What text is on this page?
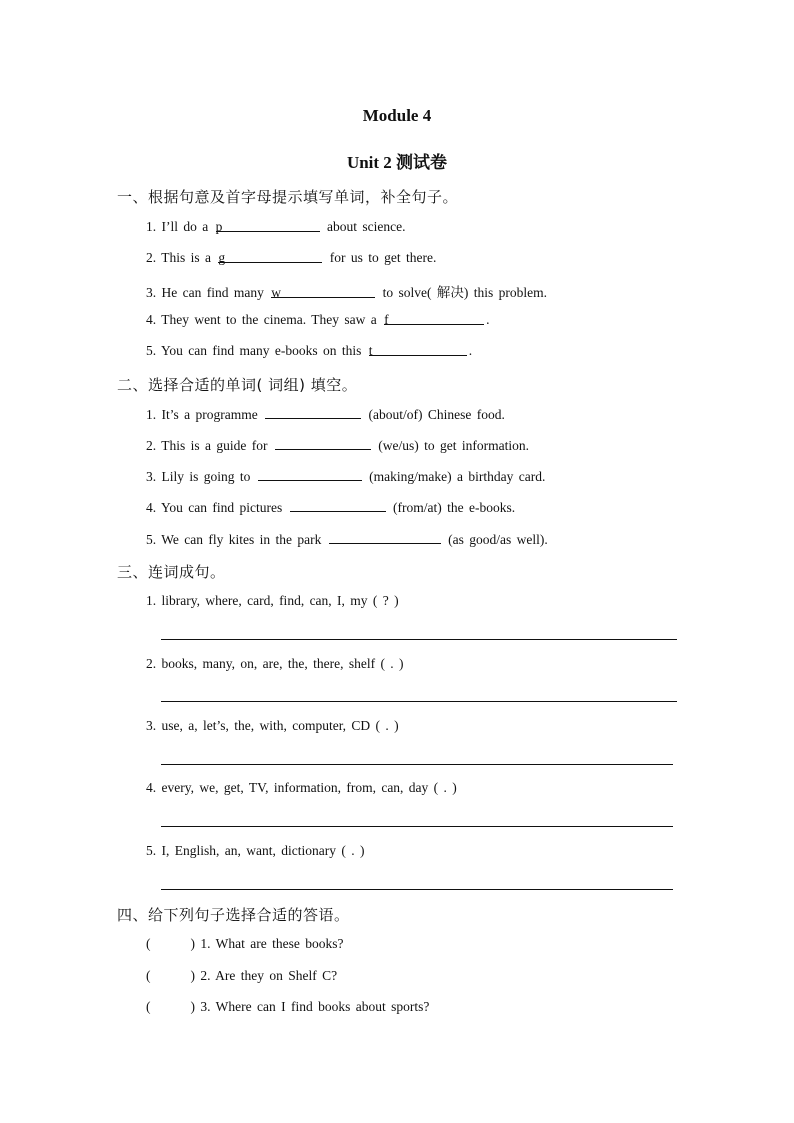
Module 4
Unit 2 测试卷
一、根据句意及首字母提示填写单词，补全句子。
1. I’ll do a p	about science.
2. This is a g	for us to get there.
3. He can find many w	to solve( 解决) this problem.
4. They went to the cinema. They saw a f	.
5. You can find many e-books on this t	.
二、选择合适的单词( 词组) 填空。
1. It’s a programme	(about/of) Chinese food.
2. This is a guide for	(we/us) to get information.
3. Lily is going to	(making/make) a birthday card.
4. You can find pictures	(from/at) the e-books.
5. We can fly kites in the park	(as good/as well).
三、连词成句。
1. library, where, card, find, can, I, my ( ? )
2. books, many, on, are, the, there, shelf ( . )
3. use, a, let’s, the, with, computer, CD ( . )
4. every, we, get, TV, information, from, can, day ( . )
5. I, English, an, want, dictionary ( . )
四、给下列句子选择合适的答语。
(	) 1. What are these books?
(	) 2. Are they on Shelf C?
(	) 3. Where can I find books about sports?
